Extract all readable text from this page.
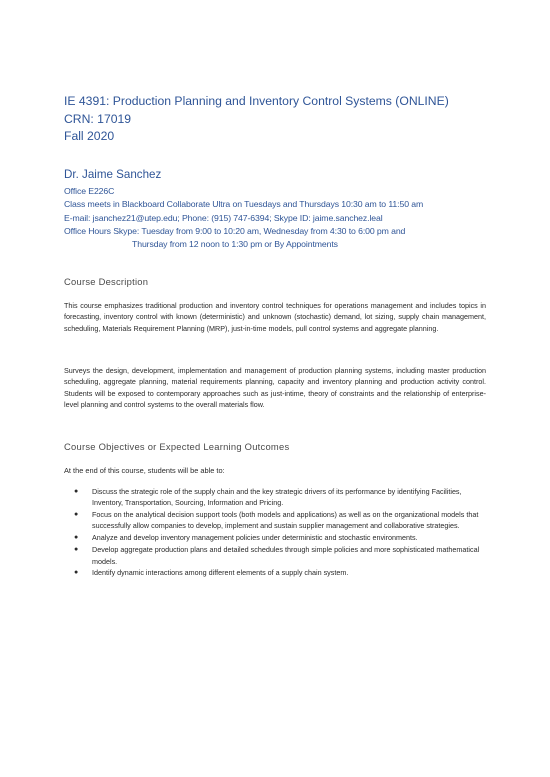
IE 4391: Production Planning and Inventory Control Systems (ONLINE)
CRN: 17019
Fall 2020
Dr. Jaime Sanchez
Office E226C
Class meets in Blackboard Collaborate Ultra on Tuesdays and Thursdays 10:30 am to 11:50 am
E-mail: jsanchez21@utep.edu; Phone: (915) 747-6394; Skype ID: jaime.sanchez.leal
Office Hours Skype: Tuesday from 9:00 to 10:20 am, Wednesday from 4:30 to 6:00 pm and
Thursday from 12 noon to 1:30 pm or By Appointments
Course Description
This course emphasizes traditional production and inventory control techniques for operations management and includes topics in forecasting, inventory control with known (deterministic) and unknown (stochastic) demand, lot sizing, supply chain management, scheduling, Materials Requirement Planning (MRP), just-in-time models, pull control systems and aggregate planning.
Surveys the design, development, implementation and management of production planning systems, including master production scheduling, aggregate planning, material requirements planning, capacity and inventory planning and production activity control. Students will be exposed to contemporary approaches such as just-intime, theory of constraints and the relationship of enterprise-level planning and control systems to the overall materials flow.
Course Objectives or Expected Learning Outcomes
At the end of this course, students will be able to:
● Discuss the strategic role of the supply chain and the key strategic drivers of its performance by identifying Facilities, Inventory, Transportation, Sourcing, Information and Pricing.
● Focus on the analytical decision support tools (both models and applications) as well as on the organizational models that successfully allow companies to develop, implement and sustain supplier management and collaborative strategies.
● Analyze and develop inventory management policies under deterministic and stochastic environments.
● Develop aggregate production plans and detailed schedules through simple policies and more sophisticated mathematical models.
● Identify dynamic interactions among different elements of a supply chain system.
